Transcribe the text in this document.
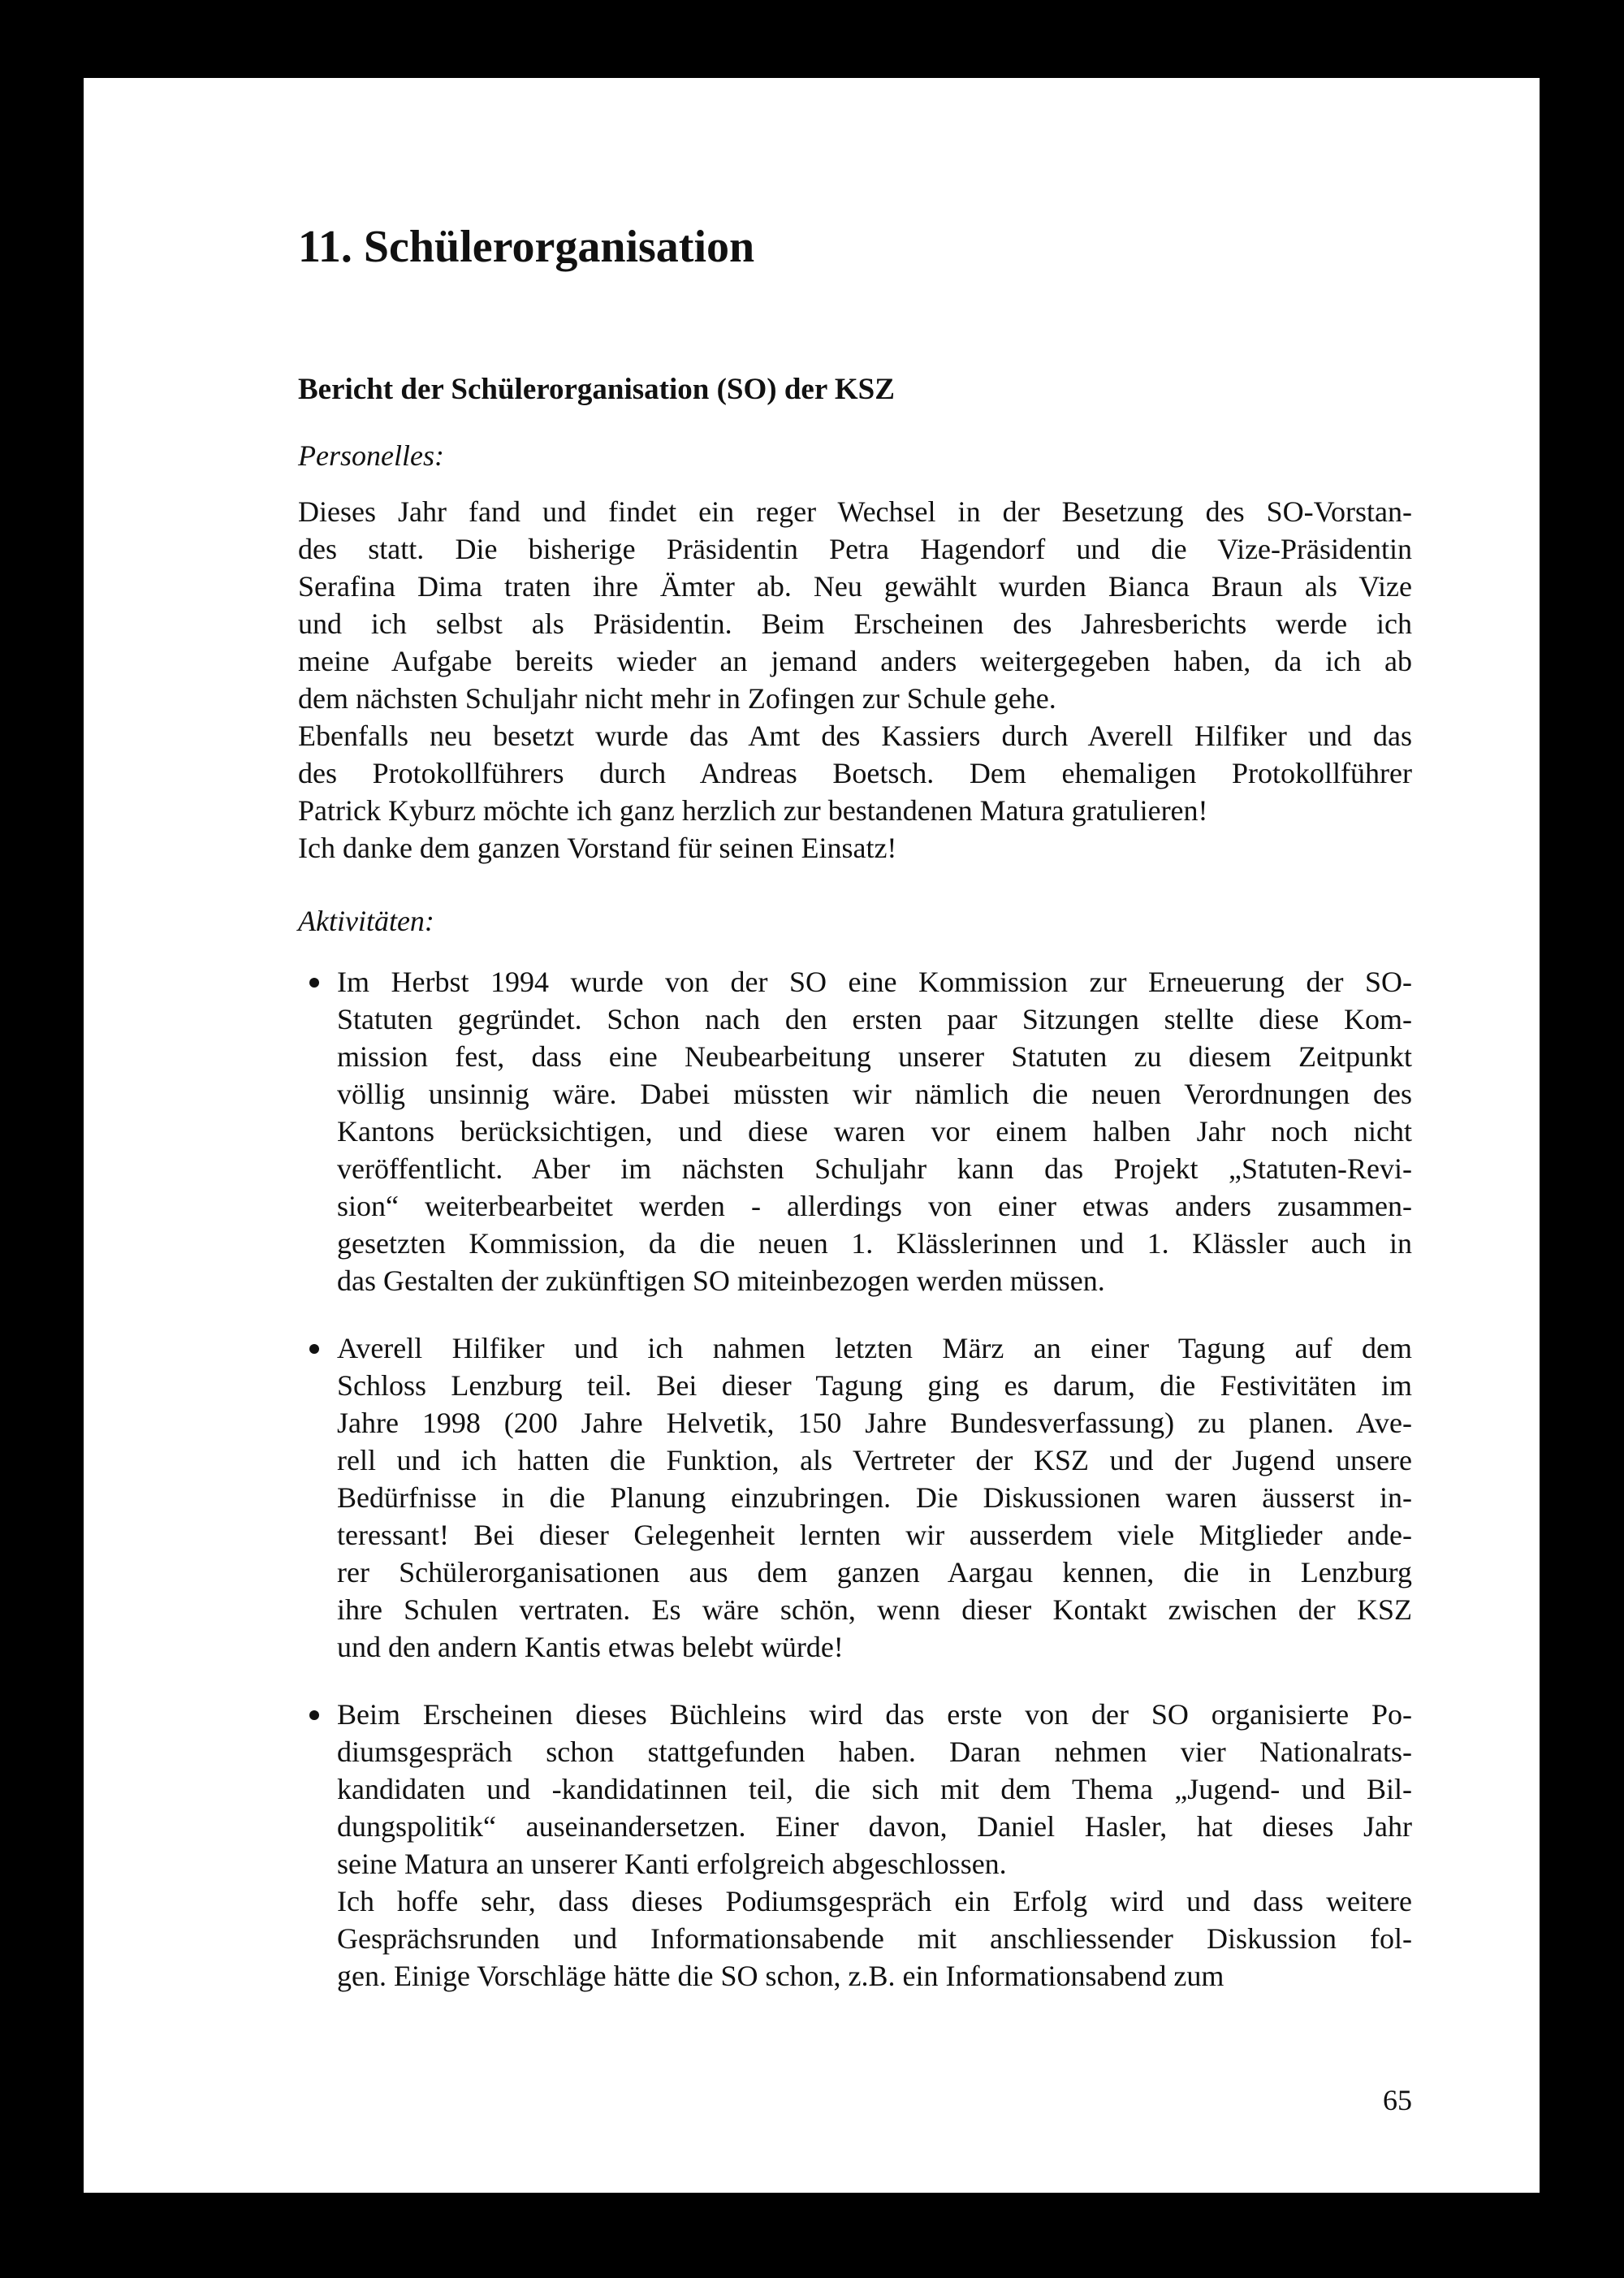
11. Schülerorganisation
Bericht der Schülerorganisation (SO) der KSZ
Personelles:
Dieses Jahr fand und findet ein reger Wechsel in der Besetzung des SO-Vorstan-
des statt. Die bisherige Präsidentin Petra Hagendorf und die Vize-Präsidentin
Serafina Dima traten ihre Ämter ab. Neu gewählt wurden Bianca Braun als Vize
und ich selbst als Präsidentin. Beim Erscheinen des Jahresberichts werde ich
meine Aufgabe bereits wieder an jemand anders weitergegeben haben, da ich ab
dem nächsten Schuljahr nicht mehr in Zofingen zur Schule gehe.
Ebenfalls neu besetzt wurde das Amt des Kassiers durch Averell Hilfiker und das
des Protokollführers durch Andreas Boetsch. Dem ehemaligen Protokollführer
Patrick Kyburz möchte ich ganz herzlich zur bestandenen Matura gratulieren!
Ich danke dem ganzen Vorstand für seinen Einsatz!
Aktivitäten:
Im Herbst 1994 wurde von der SO eine Kommission zur Erneuerung der SO-
Statuten gegründet. Schon nach den ersten paar Sitzungen stellte diese Kom-
mission fest, dass eine Neubearbeitung unserer Statuten zu diesem Zeitpunkt
völlig unsinnig wäre. Dabei müssten wir nämlich die neuen Verordnungen des
Kantons berücksichtigen, und diese waren vor einem halben Jahr noch nicht
veröffentlicht. Aber im nächsten Schuljahr kann das Projekt „Statuten-Revi-
sion“ weiterbearbeitet werden - allerdings von einer etwas anders zusammen-
gesetzten Kommission, da die neuen 1. Klässlerinnen und 1. Klässler auch in
das Gestalten der zukünftigen SO miteinbezogen werden müssen.
Averell Hilfiker und ich nahmen letzten März an einer Tagung auf dem
Schloss Lenzburg teil. Bei dieser Tagung ging es darum, die Festivitäten im
Jahre 1998 (200 Jahre Helvetik, 150 Jahre Bundesverfassung) zu planen. Ave-
rell und ich hatten die Funktion, als Vertreter der KSZ und der Jugend unsere
Bedürfnisse in die Planung einzubringen. Die Diskussionen waren äusserst in-
teressant! Bei dieser Gelegenheit lernten wir ausserdem viele Mitglieder ande-
rer Schülerorganisationen aus dem ganzen Aargau kennen, die in Lenzburg
ihre Schulen vertraten. Es wäre schön, wenn dieser Kontakt zwischen der KSZ
und den andern Kantis etwas belebt würde!
Beim Erscheinen dieses Büchleins wird das erste von der SO organisierte Po-
diumsgespräch schon stattgefunden haben. Daran nehmen vier Nationalrats-
kandidaten und -kandidatinnen teil, die sich mit dem Thema „Jugend- und Bil-
dungspolitik“ auseinandersetzen. Einer davon, Daniel Hasler, hat dieses Jahr
seine Matura an unserer Kanti erfolgreich abgeschlossen.
Ich hoffe sehr, dass dieses Podiumsgespräch ein Erfolg wird und dass weitere
Gesprächsrunden und Informationsabende mit anschliessender Diskussion fol-
gen. Einige Vorschläge hätte die SO schon, z.B. ein Informationsabend zum
65
